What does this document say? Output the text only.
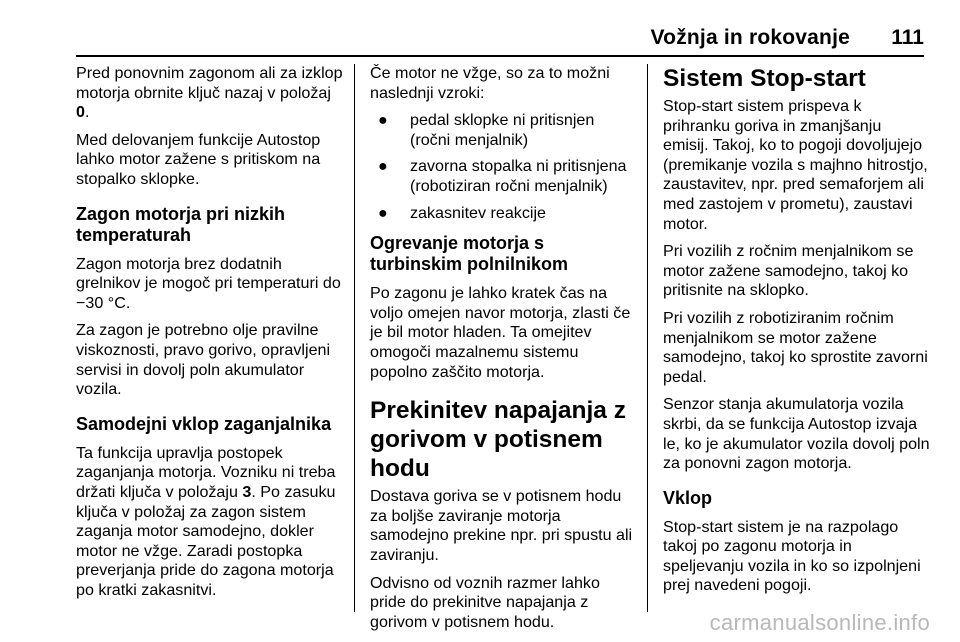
Vožnja in rokovanje 111

Pred ponovnim zagonom ali za izklop motorja obrnite ključ nazaj v položaj 0.

Med delovanjem funkcije Autostop lahko motor zažene s pritiskom na stopalko sklopke.

Zagon motorja pri nizkih temperaturah

Zagon motorja brez dodatnih grelnikov je mogoč pri temperaturi do −30 °C.

Za zagon je potrebno olje pravilne viskoznosti, pravo gorivo, opravljeni servisi in dovolj poln akumulator vozila.

Samodejni vklop zaganjalnika

Ta funkcija upravlja postopek zaganjanja motorja. Vozniku ni treba držati ključa v položaju 3. Po zasuku ključa v položaj za zagon sistem zaganja motor samodejno, dokler motor ne vžge. Zaradi postopka preverjanja pride do zagona motorja po kratki zakasnitvi.

Če motor ne vžge, so za to možni naslednji vzroki:

● pedal sklopke ni pritisnjen (ročni menjalnik)
● zavorna stopalka ni pritisnjena (robotiziran ročni menjalnik)
● zakasnitev reakcije
Ogrevanje motorja s turbinskim polnilnikom

Po zagonu je lahko kratek čas na voljo omejen navor motorja, zlasti če je bil motor hladen. Ta omejitev omogoči mazalnemu sistemu popolno zaščito motorja.

Prekinitev napajanja z gorivom v potisnem hodu

Dostava goriva se v potisnem hodu za boljše zaviranje motorja samodejno prekine npr. pri spustu ali zaviranju.

Odvisno od voznih razmer lahko pride do prekinitve napajanja z gorivom v potisnem hodu.

Sistem Stop-start

Stop-start sistem prispeva k prihranku goriva in zmanjšanju emisij. Takoj, ko to pogoji dovoljujejo (premikanje vozila s majhno hitrostjo, zaustavitev, npr. pred semaforjem ali med zastojem v prometu), zaustavi motor.

Pri vozilih z ročnim menjalnikom se motor zažene samodejno, takoj ko pritisnite na sklopko.

Pri vozilih z robotiziranim ročnim menjalnikom se motor zažene samodejno, takoj ko sprostite zavorni pedal.

Senzor stanja akumulatorja vozila skrbi, da se funkcija Autostop izvaja le, ko je akumulator vozila dovolj poln za ponovni zagon motorja.

Vklop

Stop-start sistem je na razpolago takoj po zagonu motorja in speljevanju vozila in ko so izpolnjeni prej navedeni pogoji.

carmanualsonline.info
